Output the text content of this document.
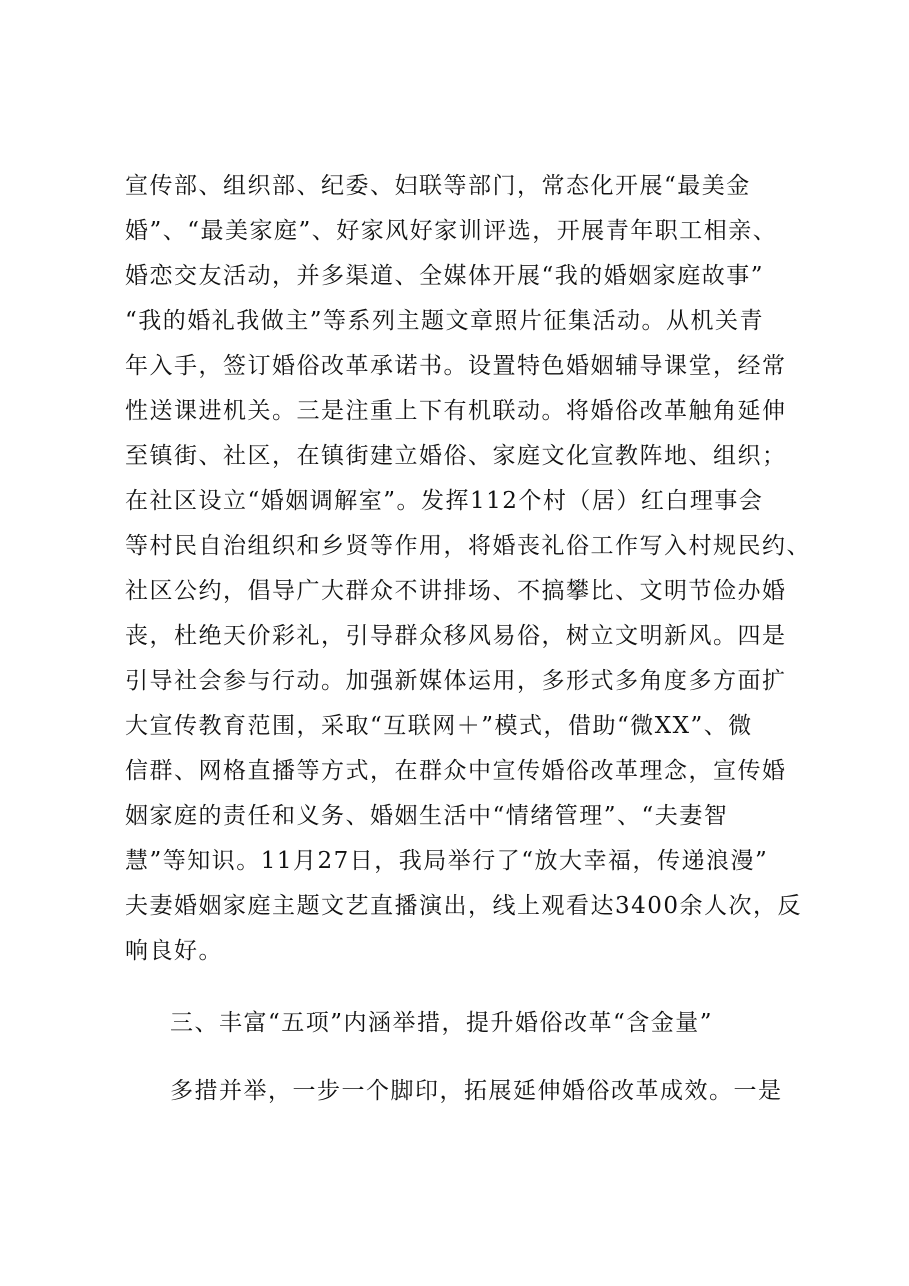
宣传部、组织部、纪委、妇联等部门，常态化开展“最美金
婚”、“最美家庭”、好家风好家训评选，开展青年职工相亲、
婚恋交友活动，并多渠道、全媒体开展“我的婚姻家庭故事”
“我的婚礼我做主”等系列主题文章照片征集活动。从机关青
年入手，签订婚俗改革承诺书。设置特色婚姻辅导课堂，经常
性送课进机关。三是注重上下有机联动。将婚俗改革触角延伸
至镇街、社区，在镇街建立婚俗、家庭文化宣教阵地、组织；
在社区设立“婚姻调解室”。发挥112个村（居）红白理事会
等村民自治组织和乡贤等作用，将婚丧礼俗工作写入村规民约、
社区公约，倡导广大群众不讲排场、不搞攀比、文明节俭办婚
丧，杜绝天价彩礼，引导群众移风易俗，树立文明新风。四是
引导社会参与行动。加强新媒体运用，多形式多角度多方面扩
大宣传教育范围，采取“互联网＋”模式，借助“微XX”、微
信群、网格直播等方式，在群众中宣传婚俗改革理念，宣传婚
姻家庭的责任和义务、婚姻生活中“情绪管理”、“夫妻智
慧”等知识。11月27日，我局举行了“放大幸福，传递浪漫”
夫妻婚姻家庭主题文艺直播演出，线上观看达3400余人次，反
响良好。
三、丰富“五项”内涵举措，提升婚俗改革“含金量”
多措并举，一步一个脚印，拓展延伸婚俗改革成效。一是
